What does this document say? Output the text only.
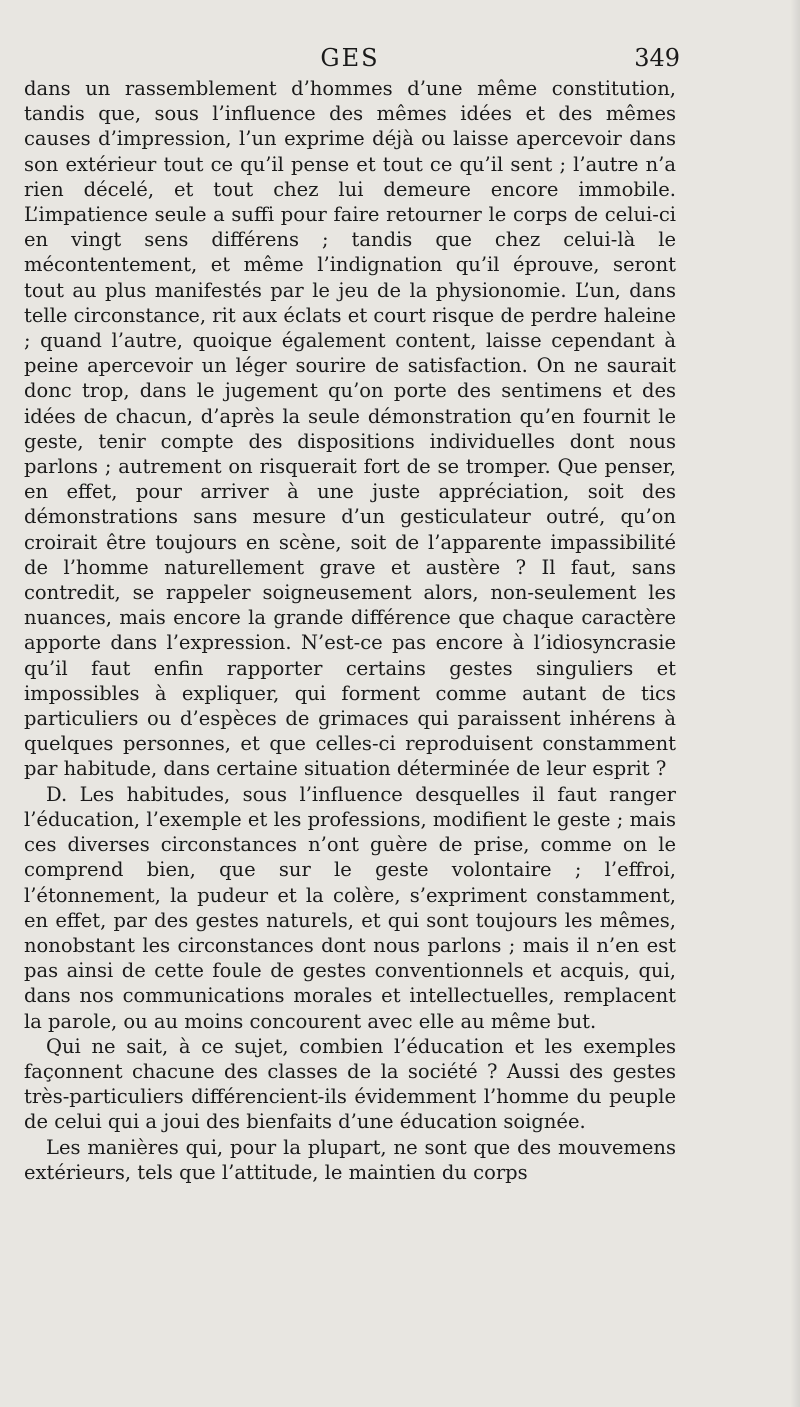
GES	349

dans un rassemblement d’hommes d’une même constitution, tandis que, sous l’influence des mêmes idées et des mêmes causes d’impression, l’un exprime déjà ou laisse apercevoir dans son extérieur tout ce qu’il pense et tout ce qu’il sent ; l’autre n’a rien décelé, et tout chez lui demeure encore immobile. L’impatience seule a suffi pour faire retourner le corps de celui-ci en vingt sens différens ; tandis que chez celui-là le mécontentement, et même l’indignation qu’il éprouve, seront tout au plus manifestés par le jeu de la physionomie. L’un, dans telle circonstance, rit aux éclats et court risque de perdre haleine ; quand l’autre, quoique également content, laisse cependant à peine apercevoir un léger sourire de satisfaction. On ne saurait donc trop, dans le jugement qu’on porte des sentimens et des idées de chacun, d’après la seule démonstration qu’en fournit le geste, tenir compte des dispositions individuelles dont nous parlons ; autrement on risquerait fort de se tromper. Que penser, en effet, pour arriver à une juste appréciation, soit des démonstrations sans mesure d’un gesticulateur outré, qu’on croirait être toujours en scène, soit de l’apparente impassibilité de l’homme naturellement grave et austère ? Il faut, sans contredit, se rappeler soigneusement alors, non-seulement les nuances, mais encore la grande différence que chaque caractère apporte dans l’expression. N’est-ce pas encore à l’idiosyncrasie qu’il faut enfin rapporter certains gestes singuliers et impossibles à expliquer, qui forment comme autant de tics particuliers ou d’espèces de grimaces qui paraissent inhérens à quelques personnes, et que celles-ci reproduisent constamment par habitude, dans certaine situation déterminée de leur esprit ?

D. Les habitudes, sous l’influence desquelles il faut ranger l’éducation, l’exemple et les professions, modifient le geste ; mais ces diverses circonstances n’ont guère de prise, comme on le comprend bien, que sur le geste volontaire ; l’effroi, l’étonnement, la pudeur et la colère, s’expriment constamment, en effet, par des gestes naturels, et qui sont toujours les mêmes, nonobstant les circonstances dont nous parlons ; mais il n’en est pas ainsi de cette foule de gestes conventionnels et acquis, qui, dans nos communications morales et intellectuelles, remplacent la parole, ou au moins concourent avec elle au même but.

Qui ne sait, à ce sujet, combien l’éducation et les exemples façonnent chacune des classes de la société ? Aussi des gestes très-particuliers différencient-ils évidemment l’homme du peuple de celui qui a joui des bienfaits d’une éducation soignée.

Les manières qui, pour la plupart, ne sont que des mouvemens extérieurs, tels que l’attitude, le maintien du corps
